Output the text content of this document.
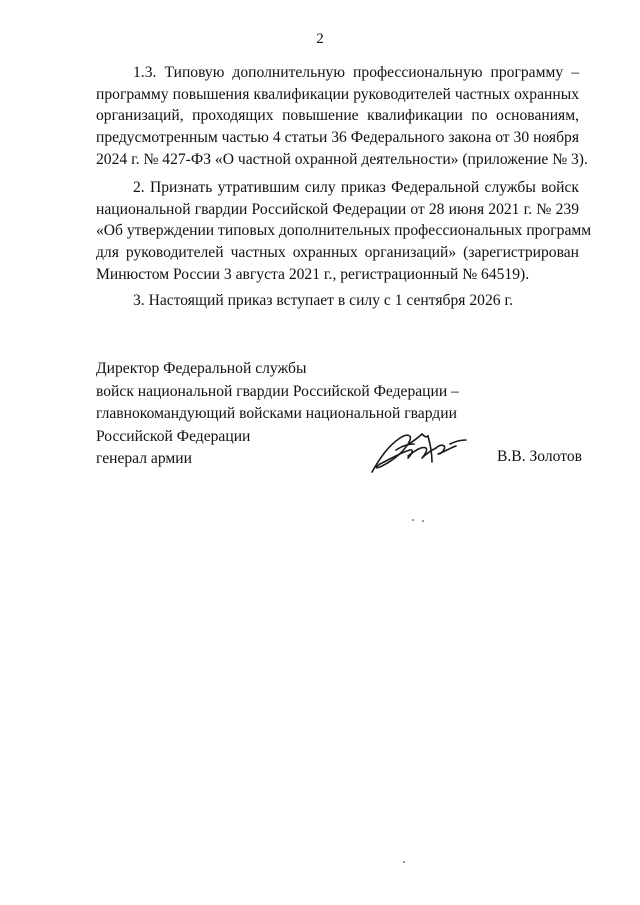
2
1.3. Типовую дополнительную профессиональную программу –
программу повышения квалификации руководителей частных охранных
организаций, проходящих повышение квалификации по основаниям,
предусмотренным частью 4 статьи 36 Федерального закона от 30 ноября
2024 г. № 427-ФЗ «О частной охранной деятельности» (приложение № 3).
2. Признать утратившим силу приказ Федеральной службы войск
национальной гвардии Российской Федерации от 28 июня 2021 г. № 239
«Об утверждении типовых дополнительных профессиональных программ
для руководителей частных охранных организаций» (зарегистрирован
Минюстом России 3 августа 2021 г., регистрационный № 64519).
3. Настоящий приказ вступает в силу с 1 сентября 2026 г.
Директор Федеральной службы
войск национальной гвардии Российской Федерации –
главнокомандующий войсками национальной гвардии
Российской Федерации
генерал армии	В.В. Золотов
